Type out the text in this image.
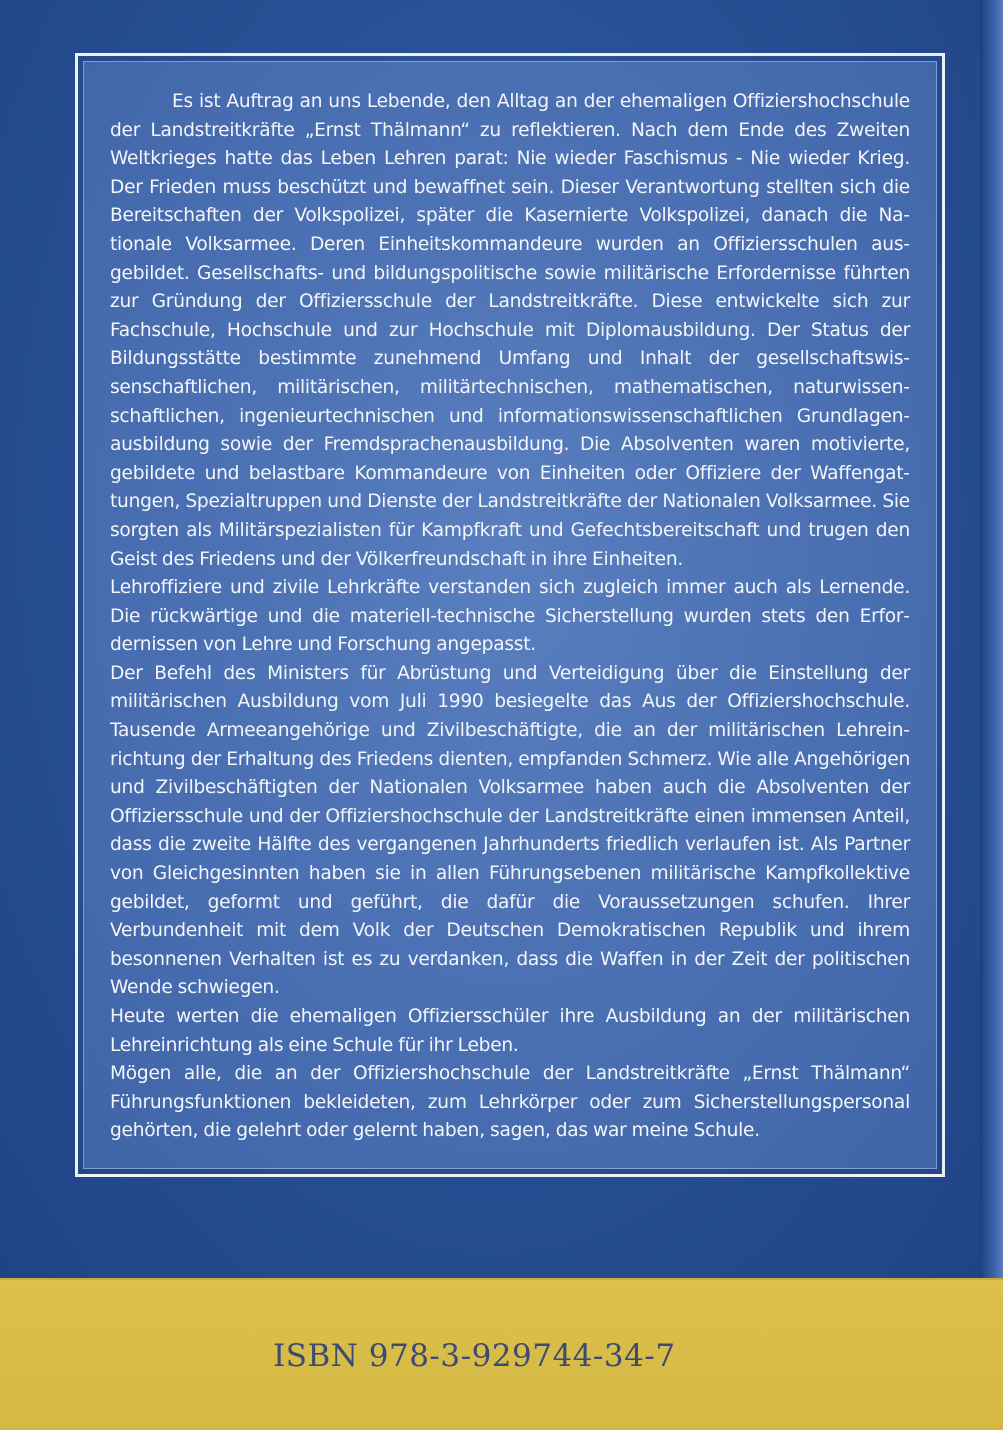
Es ist Auftrag an uns Lebende, den Alltag an der ehemaligen Offiziershochschule der Landstreitkräfte „Ernst Thälmann“ zu reflektieren. Nach dem Ende des Zweiten Weltkrieges hatte das Leben Lehren parat: Nie wieder Faschismus - Nie wieder Krieg. Der Frieden muss beschützt und bewaffnet sein. Dieser Verantwortung stellten sich die Bereitschaften der Volkspolizei, später die Kasernierte Volkspolizei, danach die Nationale Volksarmee. Deren Einheitskommandeure wurden an Offiziersschulen ausgebildet. Gesellschafts- und bildungspolitische sowie militärische Erfordernisse führten zur Gründung der Offiziersschule der Landstreitkräfte. Diese entwickelte sich zur Fachschule, Hochschule und zur Hochschule mit Diplomausbildung. Der Status der Bildungsstätte bestimmte zunehmend Umfang und Inhalt der gesellschaftswissenschaftlichen, militärischen, militärtechnischen, mathematischen, naturwissenschaftlichen, ingenieurtechnischen und informationswissenschaftlichen Grundlagenausbildung sowie der Fremdsprachenausbildung. Die Absolventen waren motivierte, gebildete und belastbare Kommandeure von Einheiten oder Offiziere der Waffengattungen, Spezialtruppen und Dienste der Landstreitkräfte der Nationalen Volksarmee. Sie sorgten als Militärspezialisten für Kampfkraft und Gefechtsbereitschaft und trugen den Geist des Friedens und der Völkerfreundschaft in ihre Einheiten.

Lehroffiziere und zivile Lehrkräfte verstanden sich zugleich immer auch als Lernende. Die rückwärtige und die materiell-technische Sicherstellung wurden stets den Erfordernissen von Lehre und Forschung angepasst.

Der Befehl des Ministers für Abrüstung und Verteidigung über die Einstellung der militärischen Ausbildung vom Juli 1990 besiegelte das Aus der Offiziershochschule. Tausende Armeeangehörige und Zivilbeschäftigte, die an der militärischen Lehreinrichtung der Erhaltung des Friedens dienten, empfanden Schmerz. Wie alle Angehörigen und Zivilbeschäftigten der Nationalen Volksarmee haben auch die Absolventen der Offiziersschule und der Offiziershochschule der Landstreitkräfte einen immensen Anteil, dass die zweite Hälfte des vergangenen Jahrhunderts friedlich verlaufen ist. Als Partner von Gleichgesinnten haben sie in allen Führungsebenen militärische Kampfkollektive gebildet, geformt und geführt, die dafür die Voraussetzungen schufen. Ihrer Verbundenheit mit dem Volk der Deutschen Demokratischen Republik und ihrem besonnenen Verhalten ist es zu verdanken, dass die Waffen in der Zeit der politischen Wende schwiegen.

Heute werten die ehemaligen Offiziersschüler ihre Ausbildung an der militärischen Lehreinrichtung als eine Schule für ihr Leben.

Mögen alle, die an der Offiziershochschule der Landstreitkräfte „Ernst Thälmann“ Führungsfunktionen bekleideten, zum Lehrkörper oder zum Sicherstellungspersonal gehörten, die gelehrt oder gelernt haben, sagen, das war meine Schule.

ISBN 978-3-929744-34-7
